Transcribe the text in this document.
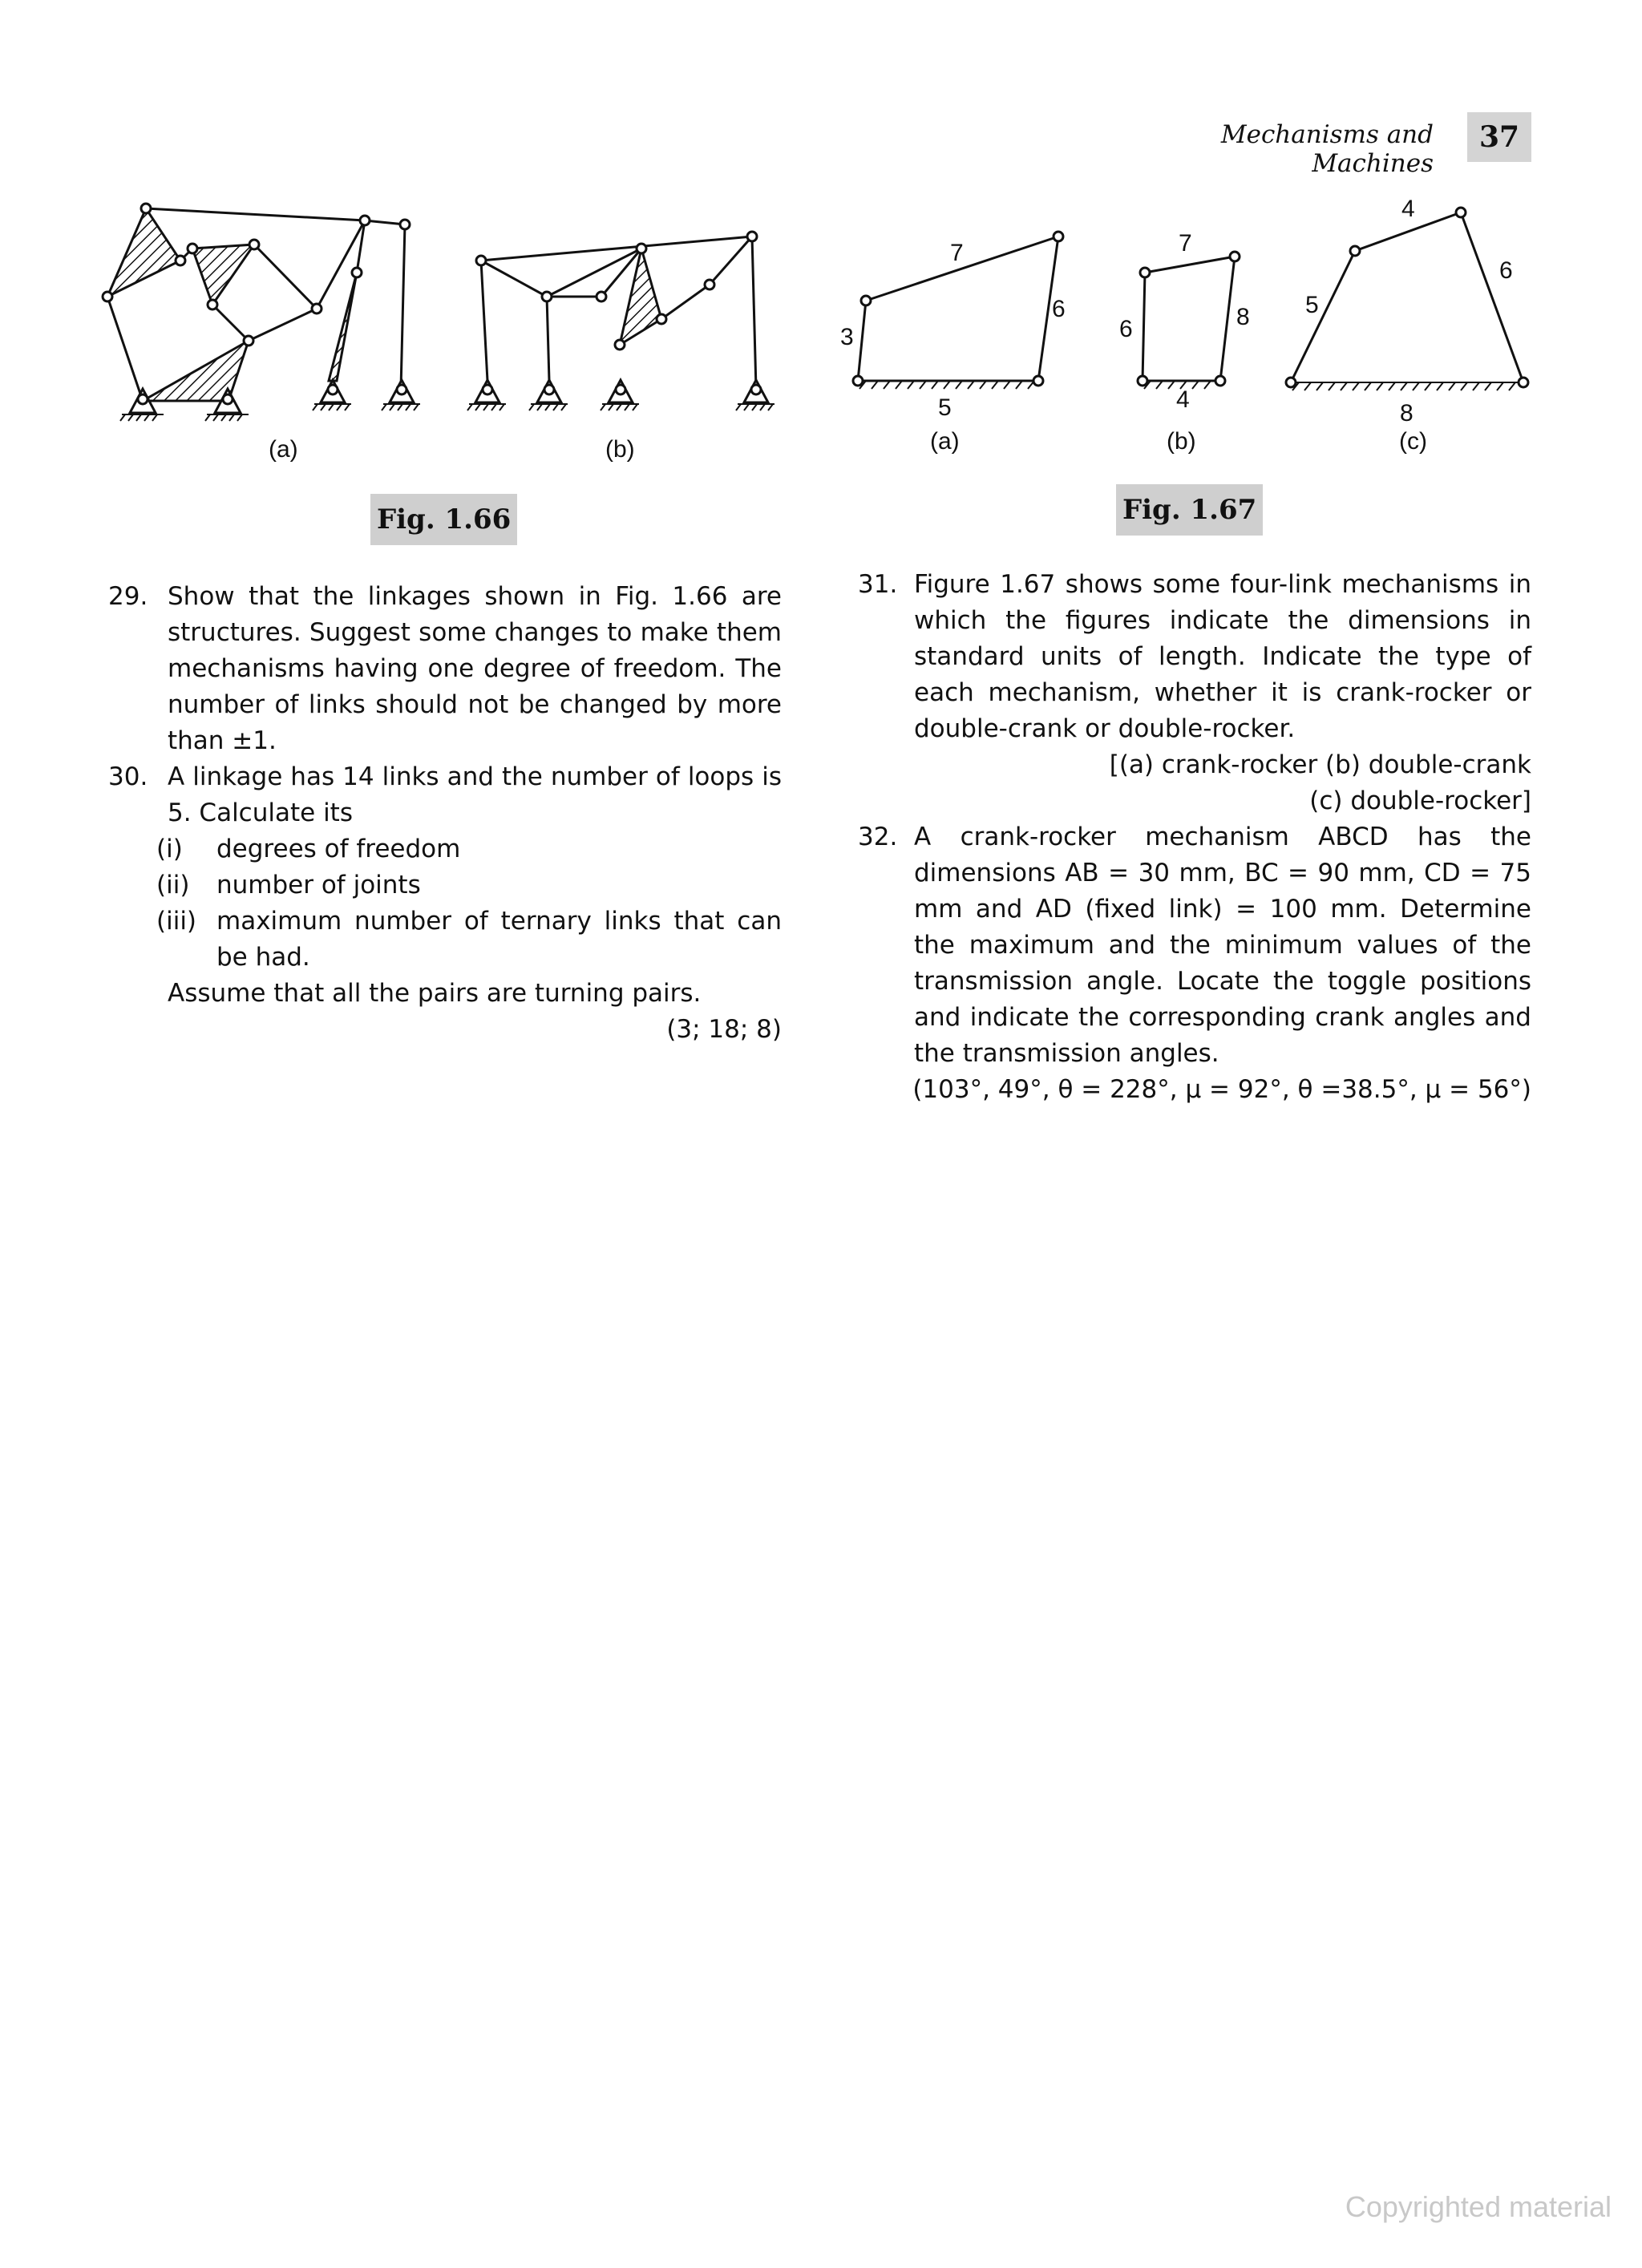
Mechanisms and Machines
37
(a)	(b)
Fig. 1.66
7
6
3
5
7
6	8
4
4
5
6
8
(a)	(b)	(c)
Fig. 1.67
29. Show that the linkages shown in Fig. 1.66 are structures. Suggest some changes to make them mechanisms having one degree of freedom. The number of links should not be changed by more than ±1.

30. A linkage has 14 links and the number of loops is 5. Calculate its

(i) degrees of freedom

(ii) number of joints

(iii) maximum number of ternary links that can be had.

Assume that all the pairs are turning pairs.

(3; 18; 8)

31. Figure 1.67 shows some four-link mechanisms in which the figures indicate the dimensions in standard units of length. Indicate the type of each mechanism, whether it is crank-rocker or double-crank or double-rocker.

[(a) crank-rocker (b) double-crank

(c) double-rocker]

32. A crank-rocker mechanism ABCD has the dimensions AB = 30 mm, BC = 90 mm, CD = 75 mm and AD (fixed link) = 100 mm. Determine the maximum and the minimum values of the transmission angle. Locate the toggle positions and indicate the corresponding crank angles and the transmission angles.

(103°, 49°, θ = 228°, μ = 92°, θ =38.5°, μ = 56°)

Copyrighted material
